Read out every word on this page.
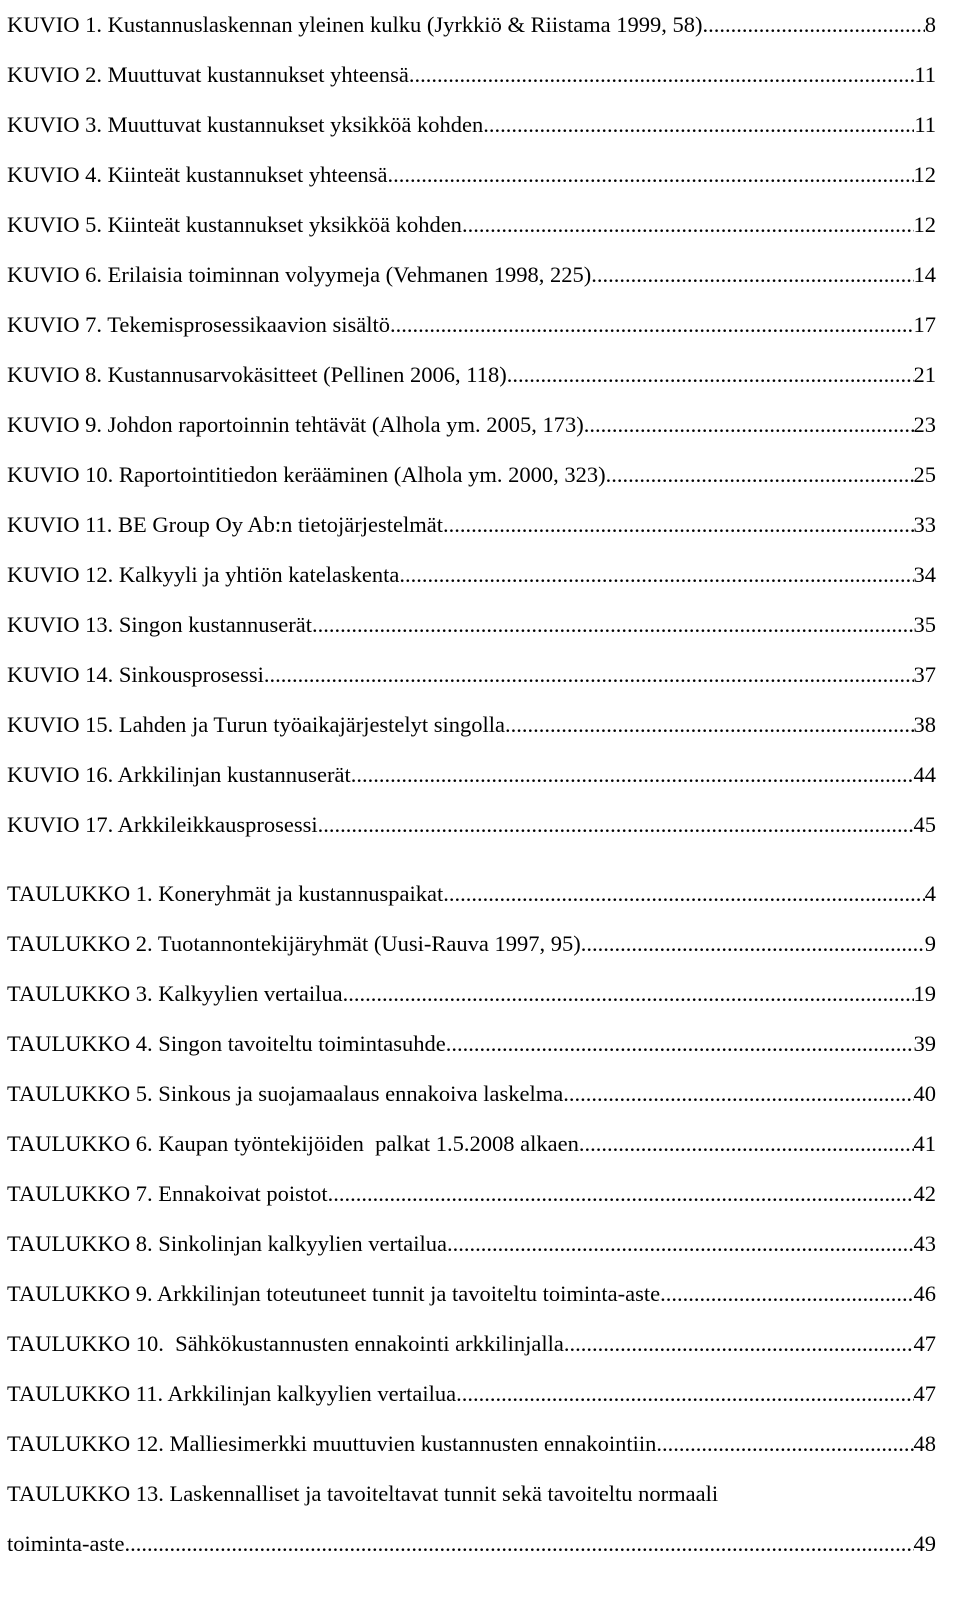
KUVIO 1. Kustannuslaskennan yleinen kulku (Jyrkkiö & Riistama 1999, 58) .....	8
KUVIO 2. Muuttuvat kustannukset yhteensä .....	11
KUVIO 3. Muuttuvat kustannukset yksikköä kohden .....	11
KUVIO 4. Kiinteät kustannukset yhteensä .....	12
KUVIO 5. Kiinteät kustannukset yksikköä kohden .....	12
KUVIO 6. Erilaisia toiminnan volyymeja (Vehmanen 1998, 225) .....	14
KUVIO 7. Tekemisprosessikaavion sisältö .....	17
KUVIO 8. Kustannusarvokäsitteet (Pellinen 2006, 118) .....	21
KUVIO 9. Johdon raportoinnin tehtävät (Alhola ym. 2005, 173) .....	23
KUVIO 10. Raportointitiedon kerääminen (Alhola ym. 2000, 323) .....	25
KUVIO 11. BE Group Oy Ab:n tietojärjestelmät .....	33
KUVIO 12. Kalkyyli ja yhtiön katelaskenta .....	34
KUVIO 13. Singon kustannuserät .....	35
KUVIO 14. Sinkousprosessi .....	37
KUVIO 15. Lahden ja Turun työaikajärjestelyt singolla .....	38
KUVIO 16. Arkkilinjan kustannuserät .....	44
KUVIO 17. Arkkileikkausprosessi .....	45
TAULUKKO 1. Koneryhmät ja kustannuspaikat .....	4
TAULUKKO 2. Tuotannontekijäryhmät (Uusi-Rauva 1997, 95) .....	9
TAULUKKO 3. Kalkyylien vertailua .....	19
TAULUKKO 4. Singon tavoiteltu toimintasuhde .....	39
TAULUKKO 5. Sinkous ja suojamaalaus ennakoiva laskelma .....	40
TAULUKKO 6. Kaupan työntekijöiden  palkat 1.5.2008 alkaen .....	41
TAULUKKO 7. Ennakoivat poistot .....	42
TAULUKKO 8. Sinkolinjan kalkyylien vertailua .....	43
TAULUKKO 9. Arkkilinjan toteutuneet tunnit ja tavoiteltu toiminta-aste .....	46
TAULUKKO 10.  Sähkökustannusten ennakointi arkkilinjalla .....	47
TAULUKKO 11. Arkkilinjan kalkyylien vertailua .....	47
TAULUKKO 12. Malliesimerkki muuttuvien kustannusten ennakointiin .....	48
TAULUKKO 13. Laskennalliset ja tavoiteltavat tunnit sekä tavoiteltu normaali
toiminta-aste .....	49
